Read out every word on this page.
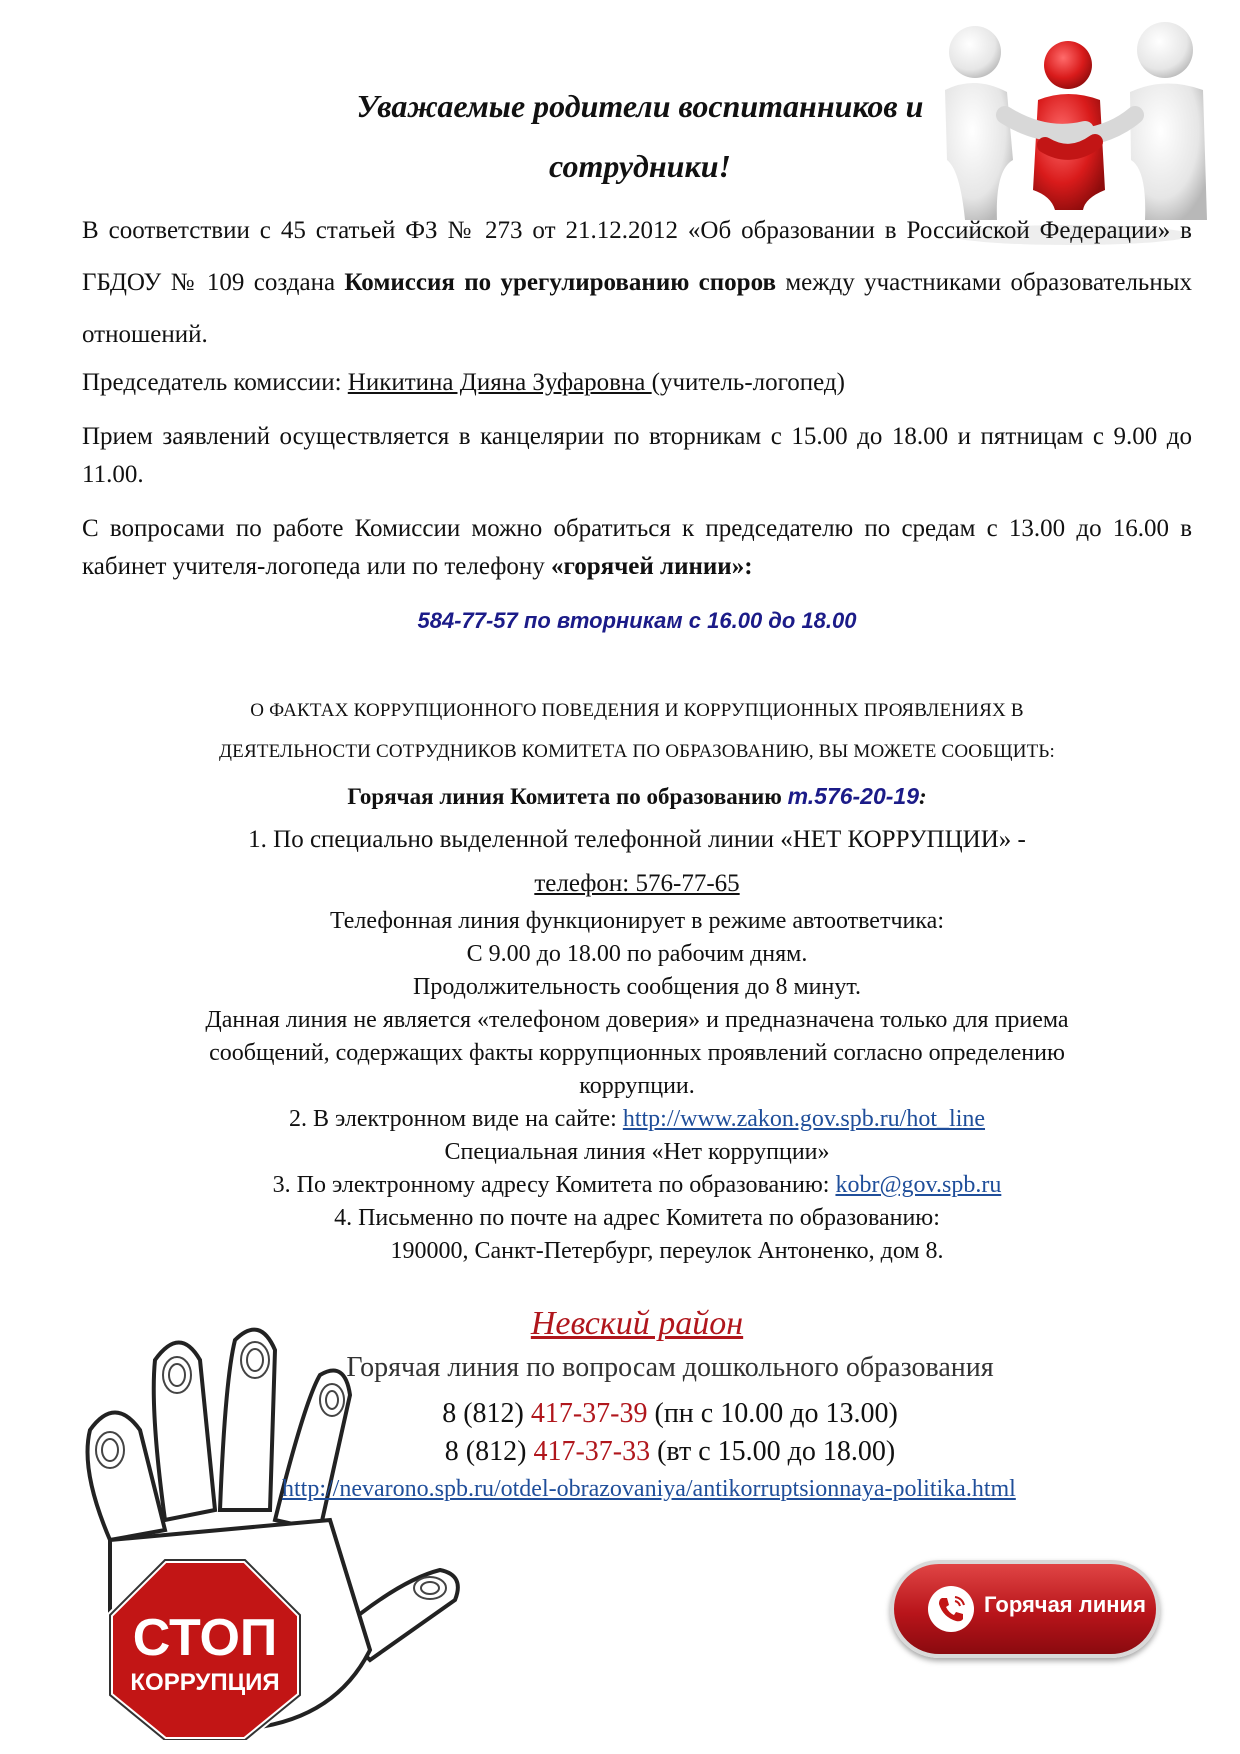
Уважаемые родители воспитанников и
сотрудники!
В соответствии с 45 статьей ФЗ № 273 от 21.12.2012 «Об образовании в Российской Федерации» в ГБДОУ № 109 создана Комиссия по урегулированию споров между участниками образовательных отношений.
Председатель комиссии: Никитина Дияна Зуфаровна (учитель-логопед)
Прием заявлений осуществляется в канцелярии по вторникам с 15.00 до 18.00 и пятницам с 9.00 до 11.00.
С вопросами по работе Комиссии можно обратиться к председателю по средам с 13.00 до 16.00 в кабинет учителя-логопеда или по телефону «горячей линии»:
584-77-57 по вторникам с 16.00 до 18.00
О ФАКТАХ КОРРУПЦИОННОГО ПОВЕДЕНИЯ И КОРРУПЦИОННЫХ ПРОЯВЛЕНИЯХ В
ДЕЯТЕЛЬНОСТИ СОТРУДНИКОВ КОМИТЕТА ПО ОБРАЗОВАНИЮ, ВЫ МОЖЕТЕ СООБЩИТЬ:
Горячая линия Комитета по образованию т.576-20-19:
1. По специально выделенной телефонной линии «НЕТ КОРРУПЦИИ» -
телефон: 576-77-65
Телефонная линия функционирует в режиме автоответчика:
С 9.00 до 18.00 по рабочим дням.
Продолжительность сообщения до 8 минут.
Данная линия не является «телефоном доверия» и предназначена только для приема
сообщений, содержащих факты коррупционных проявлений согласно определению
коррупции.
2. В электронном виде на сайте: http://www.zakon.gov.spb.ru/hot_line
Специальная линия «Нет коррупции»
3. По электронному адресу Комитета по образованию: kobr@gov.spb.ru
4. Письменно по почте на адрес Комитета по образованию:
190000, Санкт-Петербург, переулок Антоненко, дом 8.
СТОП
КОРРУПЦИЯ
Невский район
Горячая линия по вопросам дошкольного образования
8 (812) 417-37-39 (пн с 10.00 до 13.00)
8 (812) 417-37-33 (вт с 15.00 до 18.00)
http://nevarono.spb.ru/otdel-obrazovaniya/antikorruptsionnaya-politika.html
Горячая линия
